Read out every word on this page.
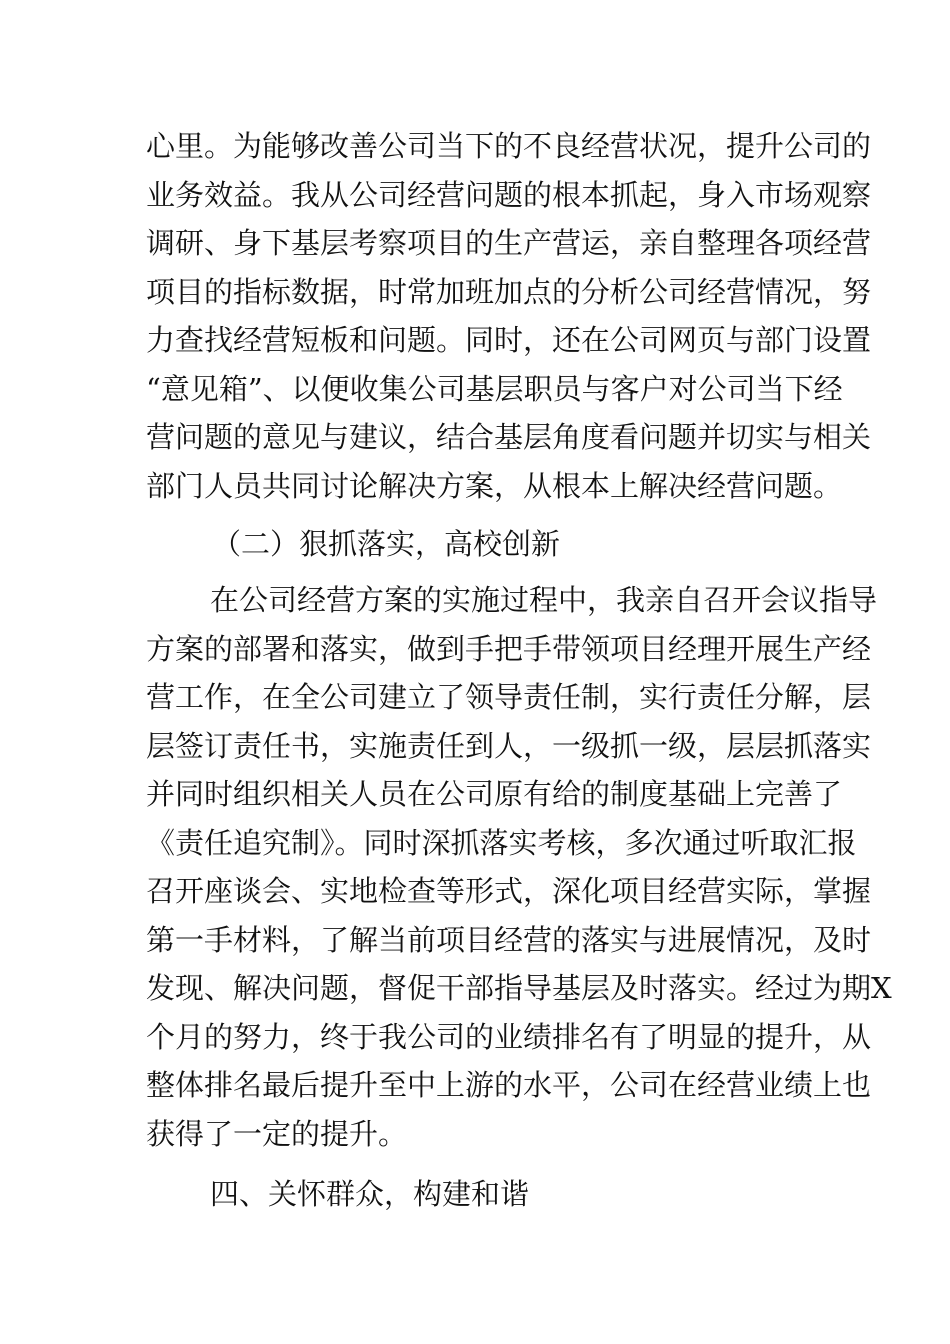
心里。为能够改善公司当下的不良经营状况，提升公司的
业务效益。我从公司经营问题的根本抓起，身入市场观察
调研、身下基层考察项目的生产营运，亲自整理各项经营
项目的指标数据，时常加班加点的分析公司经营情况，努
力查找经营短板和问题。同时，还在公司网页与部门设置
“意见箱”、以便收集公司基层职员与客户对公司当下经
营问题的意见与建议，结合基层角度看问题并切实与相关
部门人员共同讨论解决方案，从根本上解决经营问题。
（二）狠抓落实，高校创新
在公司经营方案的实施过程中，我亲自召开会议指导
方案的部署和落实，做到手把手带领项目经理开展生产经
营工作，在全公司建立了领导责任制，实行责任分解，层
层签订责任书，实施责任到人，一级抓一级，层层抓落实
并同时组织相关人员在公司原有给的制度基础上完善了
《责任追究制》。同时深抓落实考核，多次通过听取汇报
召开座谈会、实地检查等形式，深化项目经营实际，掌握
第一手材料，了解当前项目经营的落实与进展情况，及时
发现、解决问题，督促干部指导基层及时落实。经过为期X
个月的努力，终于我公司的业绩排名有了明显的提升，从
整体排名最后提升至中上游的水平，公司在经营业绩上也
获得了一定的提升。
四、关怀群众，构建和谐
